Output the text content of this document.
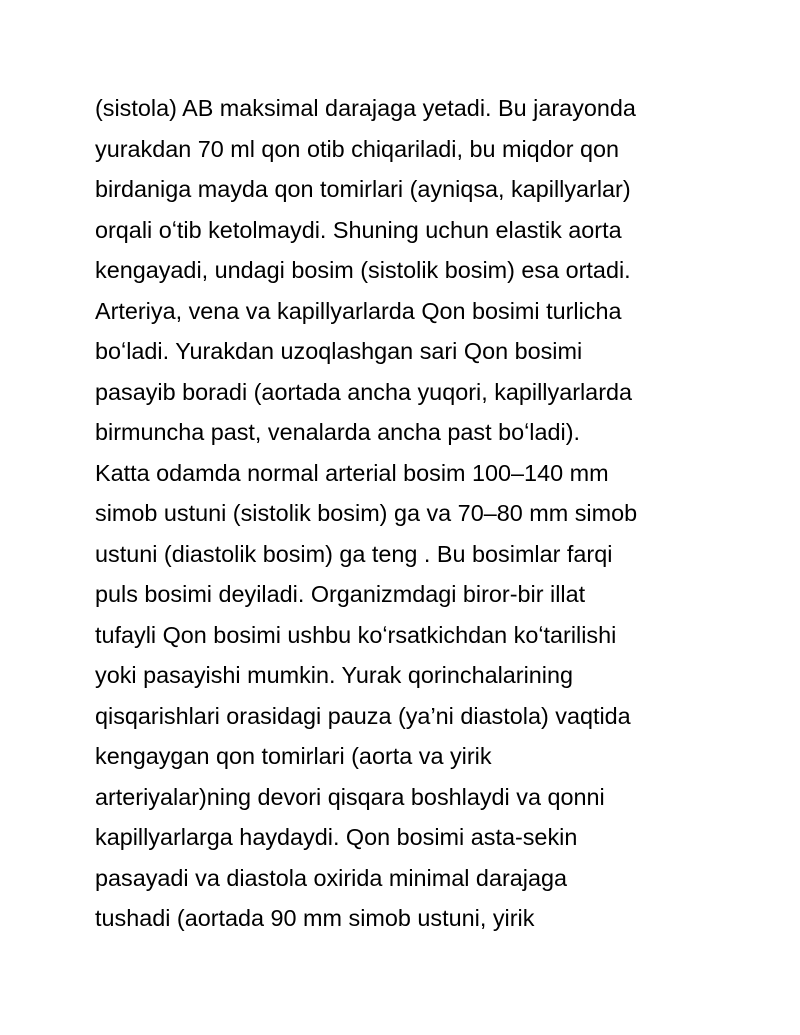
(sistola) AB maksimal darajaga yetadi. Bu jarayonda
yurakdan 70 ml qon otib chiqariladi, bu miqdor qon
birdaniga mayda qon tomirlari (ayniqsa, kapillyarlar)
orqali oʻtib ketolmaydi. Shuning uchun elastik aorta
kengayadi, undagi bosim (sistolik bosim) esa ortadi.
Arteriya, vena va kapillyarlarda Qon bosimi turlicha
boʻladi. Yurakdan uzoqlashgan sari Qon bosimi
pasayib boradi (aortada ancha yuqori, kapillyarlarda
birmuncha past, venalarda ancha past boʻladi).
Katta odamda normal arterial bosim 100–140 mm
simob ustuni (sistolik bosim) ga va 70–80 mm simob
ustuni (diastolik bosim) ga teng . Bu bosimlar farqi
puls bosimi deyiladi. Organizmdagi biror-bir illat
tufayli Qon bosimi ushbu koʻrsatkichdan koʻtarilishi
yoki pasayishi mumkin. Yurak qorinchalarining
qisqarishlari orasidagi pauza (ya’ni diastola) vaqtida
kengaygan qon tomirlari (aorta va yirik
arteriyalar)ning devori qisqara boshlaydi va qonni
kapillyarlarga haydaydi. Qon bosimi asta-sekin
pasayadi va diastola oxirida minimal darajaga
tushadi (aortada 90 mm simob ustuni, yirik
